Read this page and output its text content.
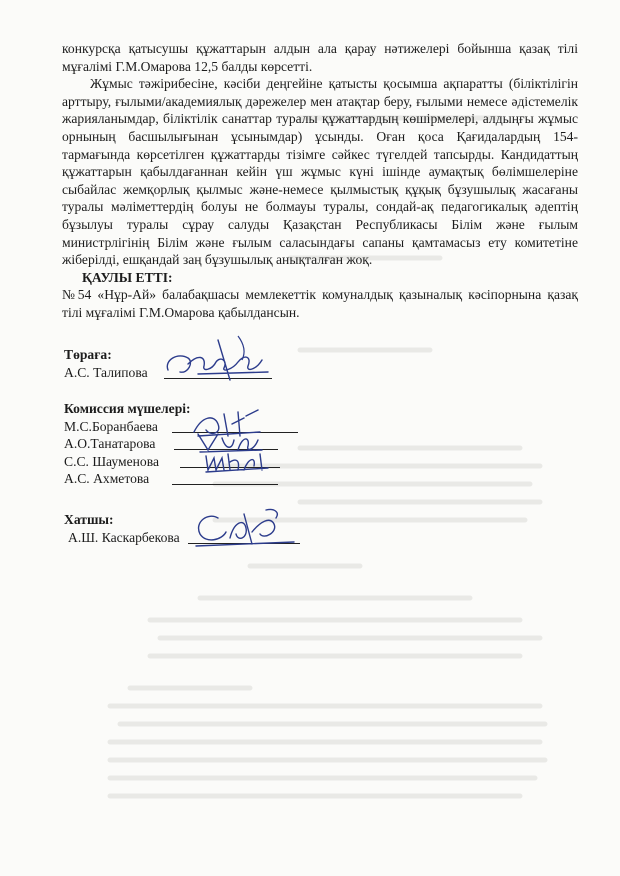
конкурсқа қатысушы құжаттарын алдын ала қарау нәтижелері бойынша қазақ тілі мұғалімі Г.М.Омарова 12,5 балды көрсетті.

Жұмыс тәжірибесіне, кәсіби деңгейіне қатысты қосымша ақпаратты (біліктілігін арттыру, ғылыми/академиялық дәрежелер мен атақтар беру, ғылыми немесе әдістемелік жарияланымдар, біліктілік санаттар туралы құжаттардың көшірмелері, алдыңғы жұмыс орнының басшылығынан ұсынымдар) ұсынды. Оған қоса Қағидалардың 154-тармағында көрсетілген құжаттарды тізімге сәйкес түгелдей тапсырды. Кандидаттың құжаттарын қабылдағаннан кейін үш жұмыс күні ішінде аумақтық бөлімшелеріне сыбайлас жемқорлық қылмыс және-немесе қылмыстық құқық бұзушылық жасағаны туралы мәліметтердің болуы не болмауы туралы, сондай-ақ педагогикалық әдептің бұзылуы туралы сұрау салуды Қазақстан Республикасы Білім және ғылым министрлігінің Білім және ғылым саласындағы сапаны қамтамасыз ету комитетіне жіберілді, ешқандай заң бұзушылық анықталған жоқ.

ҚАУЛЫ ЕТТІ:

№54 «Нұр-Ай» балабақшасы мемлекеттік комуналдық қазыналық кәсіпорнына қазақ тілі мұғалімі Г.М.Омарова қабылдансын.

Төраға:
А.С. Талипова
Комиссия мүшелері:
М.С.Боранбаева
А.О.Танатарова
С.С. Шауменова
А.С. Ахметова
Хатшы:
А.Ш. Каскарбекова
